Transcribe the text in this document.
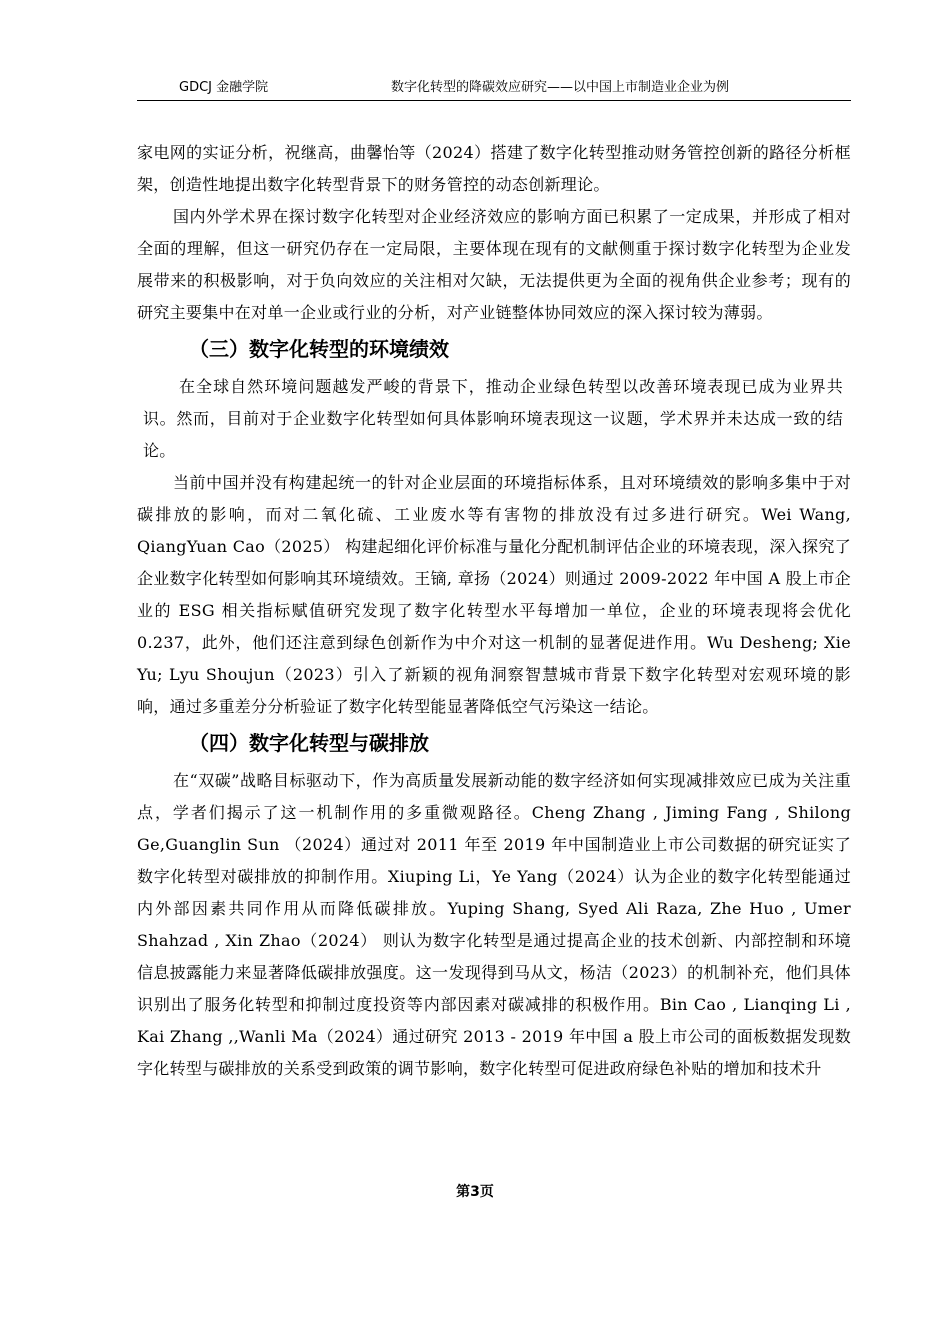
GDCJ 金融学院	数字化转型的降碳效应研究——以中国上市制造业企业为例

家电网的实证分析，祝继高，曲馨怡等（2024）搭建了数字化转型推动财务管控创新的路径分析框架，创造性地提出数字化转型背景下的财务管控的动态创新理论。

国内外学术界在探讨数字化转型对企业经济效应的影响方面已积累了一定成果，并形成了相对全面的理解，但这一研究仍存在一定局限，主要体现在现有的文献侧重于探讨数字化转型为企业发展带来的积极影响，对于负向效应的关注相对欠缺，无法提供更为全面的视角供企业参考；现有的研究主要集中在对单一企业或行业的分析，对产业链整体协同效应的深入探讨较为薄弱。

（三）数字化转型的环境绩效

在全球自然环境问题越发严峻的背景下，推动企业绿色转型以改善环境表现已成为业界共识。然而，目前对于企业数字化转型如何具体影响环境表现这一议题，学术界并未达成一致的结论。

当前中国并没有构建起统一的针对企业层面的环境指标体系，且对环境绩效的影响多集中于对碳排放的影响，而对二氧化硫、工业废水等有害物的排放没有过多进行研究。Wei Wang, QiangYuan Cao（2025） 构建起细化评价标准与量化分配机制评估企业的环境表现，深入探究了企业数字化转型如何影响其环境绩效。王镝, 章扬（2024）则通过 2009-2022 年中国 A 股上市企业的 ESG 相关指标赋值研究发现了数字化转型水平每增加一单位，企业的环境表现将会优化 0.237，此外，他们还注意到绿色创新作为中介对这一机制的显著促进作用。Wu Desheng; Xie Yu; Lyu Shoujun（2023）引入了新颖的视角洞察智慧城市背景下数字化转型对宏观环境的影响，通过多重差分分析验证了数字化转型能显著降低空气污染这一结论。

（四）数字化转型与碳排放

在“双碳”战略目标驱动下，作为高质量发展新动能的数字经济如何实现减排效应已成为关注重点，学者们揭示了这一机制作用的多重微观路径。Cheng Zhang , Jiming Fang , Shilong Ge,Guanglin Sun （2024）通过对 2011 年至 2019 年中国制造业上市公司数据的研究证实了数字化转型对碳排放的抑制作用。Xiuping Li，Ye Yang（2024）认为企业的数字化转型能通过内外部因素共同作用从而降低碳排放。Yuping Shang, Syed Ali Raza, Zhe Huo , Umer Shahzad , Xin Zhao（2024） 则认为数字化转型是通过提高企业的技术创新、内部控制和环境信息披露能力来显著降低碳排放强度。这一发现得到马从文，杨洁（2023）的机制补充，他们具体识别出了服务化转型和抑制过度投资等内部因素对碳减排的积极作用。Bin Cao , Lianqing Li , Kai Zhang ,,Wanli Ma（2024）通过研究 2013 - 2019 年中国 a 股上市公司的面板数据发现数字化转型与碳排放的关系受到政策的调节影响，数字化转型可促进政府绿色补贴的增加和技术升

第3页
